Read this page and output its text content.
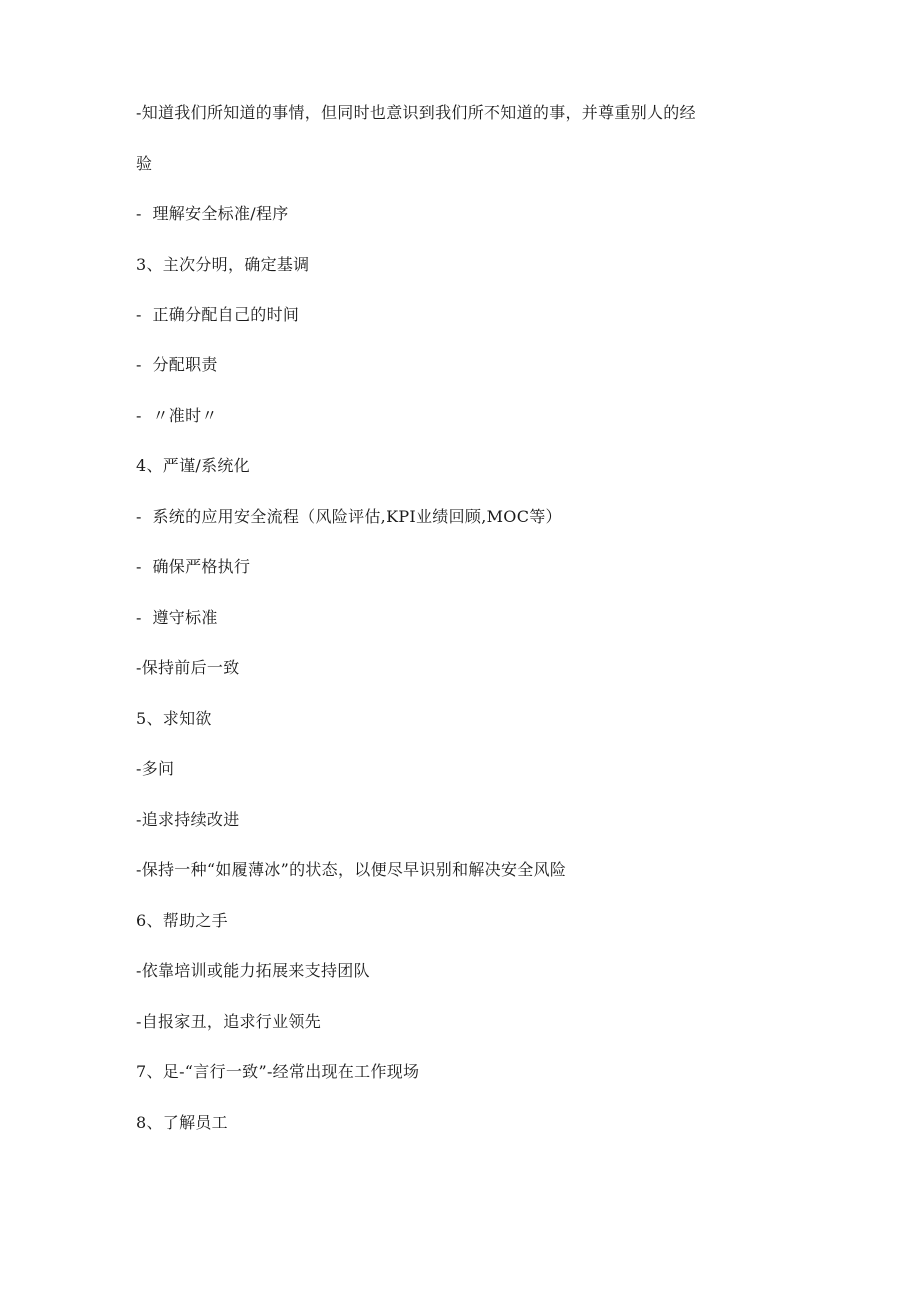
-知道我们所知道的事情，但同时也意识到我们所不知道的事，并尊重别人的经
验
-  理解安全标准/程序
3、主次分明，确定基调
-  正确分配自己的时间
-  分配职责
-  〃准时〃
4、严谨/系统化
-  系统的应用安全流程（风险评估,KPI业绩回顾,MOC等）
-  确保严格执行
-  遵守标准
-保持前后一致
5、求知欲
-多问
-追求持续改进
-保持一种“如履薄冰”的状态，以便尽早识别和解决安全风险
6、帮助之手
-依靠培训或能力拓展来支持团队
-自报家丑，追求行业领先
7、足-“言行一致”-经常出现在工作现场
8、了解员工
